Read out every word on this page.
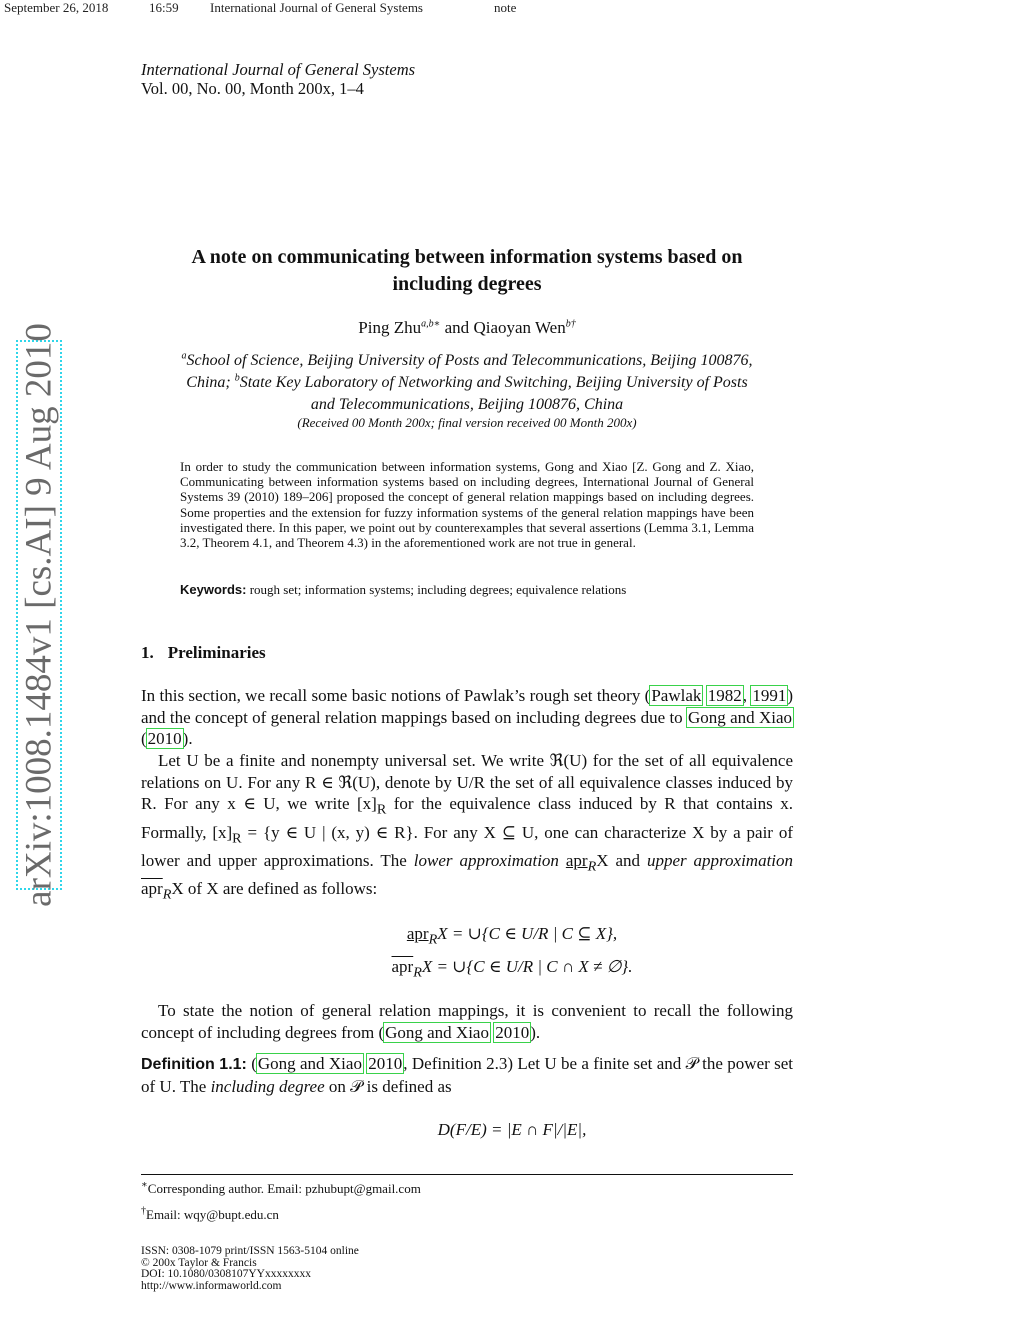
September 26, 2018	16:59 International Journal of General Systems	note
International Journal of General Systems
Vol. 00, No. 00, Month 200x, 1–4
arXiv:1008.1484v1 [cs.AI] 9 Aug 2010
A note on communicating between information systems based on
including degrees
Ping Zhu$^{a,b∗}$ and Qiaoyan Wen$^{b\dagger}$
$^a$School of Science, Beijing University of Posts and Telecommunications, Beijing 100876,
China; $^b$State Key Laboratory of Networking and Switching, Beijing University of Posts
and Telecommunications, Beijing 100876, China
(Received 00 Month 200x; final version received 00 Month 200x)
In order to study the communication between information systems, Gong and Xiao [Z. Gong and Z. Xiao, Communicating between information systems based on including degrees, International Journal of General Systems 39 (2010) 189–206] proposed the concept of general relation mappings based on including degrees. Some properties and the extension for fuzzy information systems of the general relation mappings have been investigated there. In this paper, we point out by counterexamples that several assertions (Lemma 3.1, Lemma 3.2, Theorem 4.1, and Theorem 4.3) in the aforementioned work are not true in general.
Keywords: rough set; information systems; including degrees; equivalence relations
1. Preliminaries
In this section, we recall some basic notions of Pawlak’s rough set theory (Pawlak 1982, 1991) and the concept of general relation mappings based on including degrees due to Gong and Xiao (2010).
Let U be a finite and nonempty universal set. We write ℜ(U) for the set of all equivalence relations on U. For any R ∈ ℜ(U), denote by U/R the set of all equivalence classes induced by R. For any x ∈ U, we write $[x]_R$ for the equivalence class induced by R that contains x. Formally, $[x]_R = \{y$ ∈ U | (x, y) ∈ R}. For any X ⊆ U, one can characterize X by a pair of lower and upper approximations. The lower approximation apr$_R$X and upper approximation $\overline{apr}_RX$ of X are defined as follows:
apr$_R$X = ∪{C ∈ U/R | C ⊆ X},
$\overline{apr}_RX$ = ∪{C ∈ U/R | C ∩ X ≠ ∅}.
To state the notion of general relation mappings, it is convenient to recall the following concept of including degrees from (Gong and Xiao 2010).
Definition 1.1: (Gong and Xiao 2010, Definition 2.3) Let U be a finite set and 𝒫 the power set of U. The including degree on 𝒫 is defined as
D(F/E) = |E ∩ F|/|E|,
∗Corresponding author. Email: pzhubupt@gmail.com
†Email: wqy@bupt.edu.cn
ISSN: 0308-1079 print/ISSN 1563-5104 online
© 200x Taylor & Francis
DOI: 10.1080/0308107YYxxxxxxxx
http://www.informaworld.com
